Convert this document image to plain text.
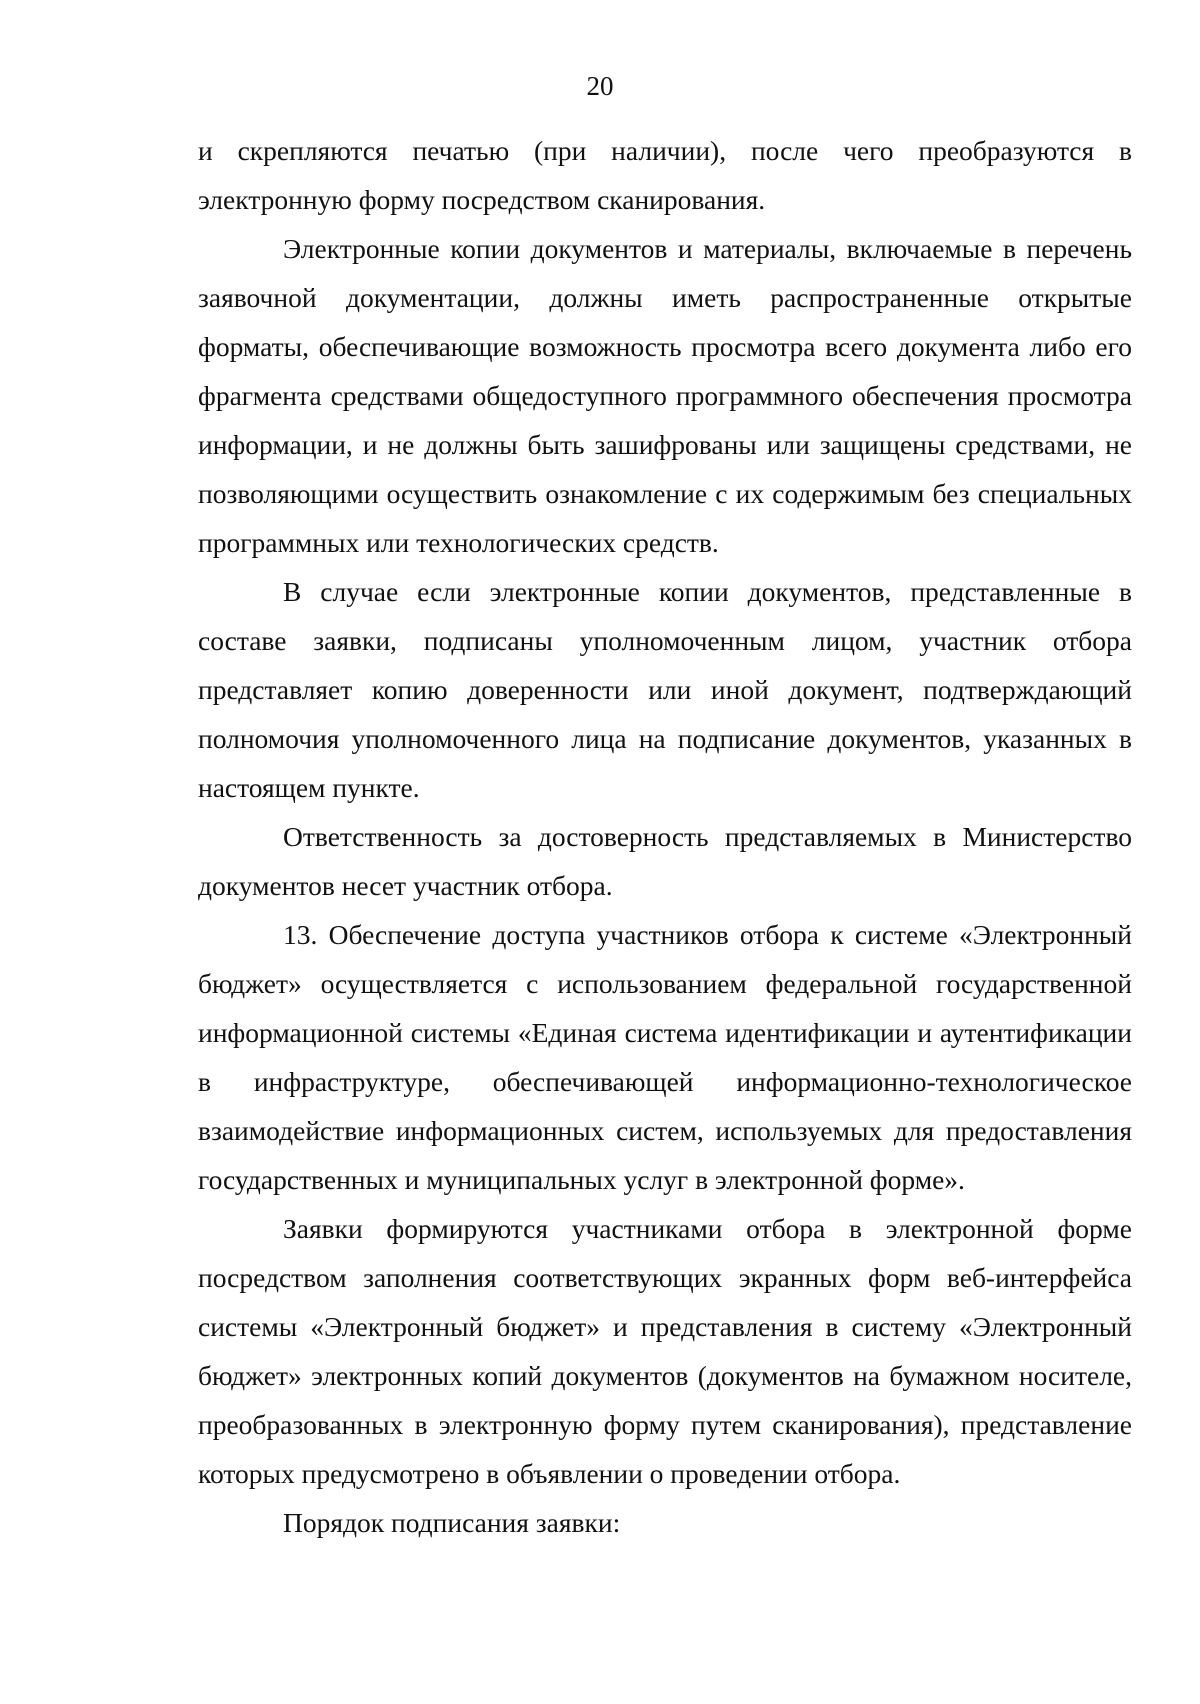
20

и скрепляются печатью (при наличии), после чего преобразуются в электронную форму посредством сканирования.

Электронные копии документов и материалы, включаемые в перечень заявочной документации, должны иметь распространенные открытые форматы, обеспечивающие возможность просмотра всего документа либо его фрагмента средствами общедоступного программного обеспечения просмотра информации, и не должны быть зашифрованы или защищены средствами, не позволяющими осуществить ознакомление с их содержимым без специальных программных или технологических средств.

В случае если электронные копии документов, представленные в составе заявки, подписаны уполномоченным лицом, участник отбора представляет копию доверенности или иной документ, подтверждающий полномочия уполномоченного лица на подписание документов, указанных в настоящем пункте.

Ответственность за достоверность представляемых в Министерство документов несет участник отбора.

13. Обеспечение доступа участников отбора к системе «Электронный бюджет» осуществляется с использованием федеральной государственной информационной системы «Единая система идентификации и аутентификации в инфраструктуре, обеспечивающей информационно-технологическое взаимодействие информационных систем, используемых для предоставления государственных и муниципальных услуг в электронной форме».

Заявки формируются участниками отбора в электронной форме посредством заполнения соответствующих экранных форм веб-интерфейса системы «Электронный бюджет» и представления в систему «Электронный бюджет» электронных копий документов (документов на бумажном носителе, преобразованных в электронную форму путем сканирования), представление которых предусмотрено в объявлении о проведении отбора.

Порядок подписания заявки:
